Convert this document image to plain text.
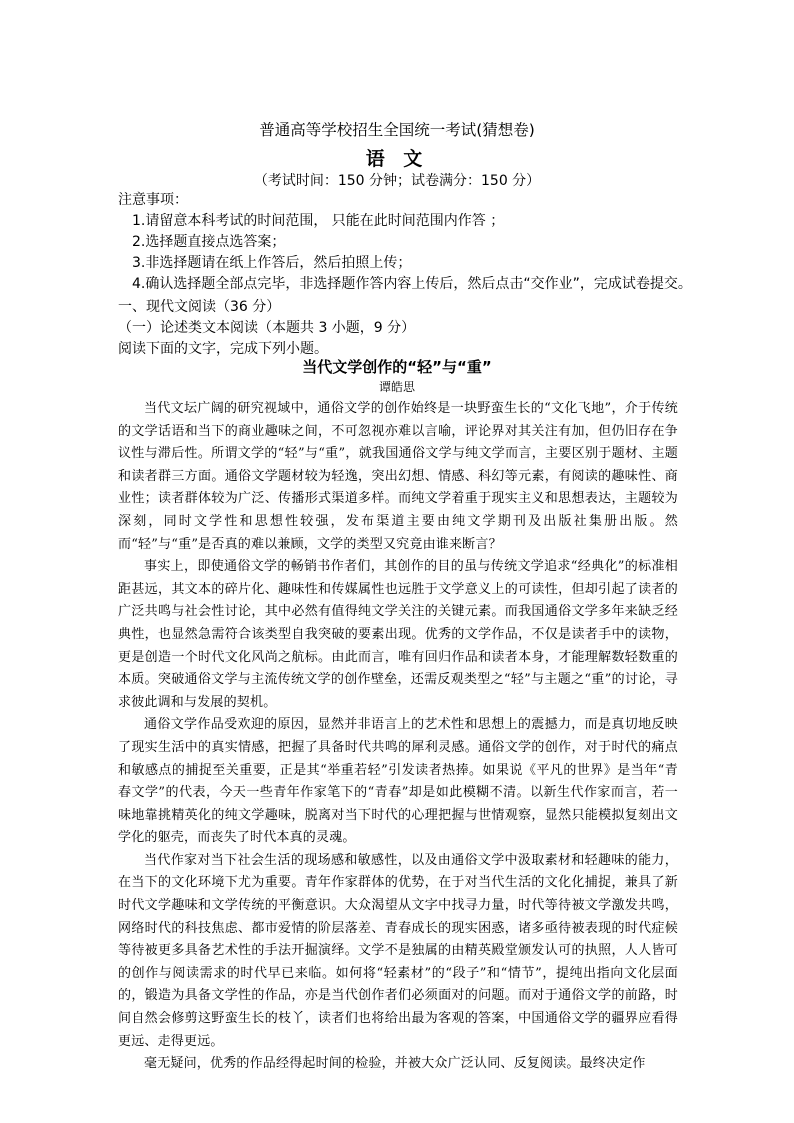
普通高等学校招生全国统一考试(猜想卷)
语 文
（考试时间：150 分钟；试卷满分：150 分）
注意事项：
1.请留意本科考试的时间范围， 只能在此时间范围内作答 ；
2.选择题直接点选答案；
3.非选择题请在纸上作答后，然后拍照上传；
4.确认选择题全部点完毕，非选择题作答内容上传后，然后点击“交作业”，完成试卷提交。
一、现代文阅读（36 分）
（一）论述类文本阅读（本题共 3 小题，9 分）
阅读下面的文字，完成下列小题。
当代文学创作的“轻”与“重”
谭皓思

当代文坛广阔的研究视域中，通俗文学的创作始终是一块野蛮生长的“文化飞地”，介于传统的文学话语和当下的商业趣味之间，不可忽视亦难以言喻，评论界对其关注有加，但仍旧存在争议性与滞后性。所谓文学的“轻”与“重”，就我国通俗文学与纯文学而言，主要区别于题材、主题和读者群三方面。通俗文学题材较为轻逸，突出幻想、情感、科幻等元素，有阅读的趣味性、商业性；读者群体较为广泛、传播形式渠道多样。而纯文学着重于现实主义和思想表达，主题较为深刻，同时文学性和思想性较强，发布渠道主要由纯文学期刊及出版社集册出版。然而“轻”与“重”是否真的难以兼顾，文学的类型又究竟由谁来断言？

事实上，即使通俗文学的畅销书作者们，其创作的目的虽与传统文学追求“经典化”的标准相距甚远，其文本的碎片化、趣味性和传媒属性也远胜于文学意义上的可读性，但却引起了读者的广泛共鸣与社会性讨论，其中必然有值得纯文学关注的关键元素。而我国通俗文学多年来缺乏经典性，也显然急需符合该类型自我突破的要素出现。优秀的文学作品，不仅是读者手中的读物，更是创造一个时代文化风尚之航标。由此而言，唯有回归作品和读者本身，才能理解数轻数重的本质。突破通俗文学与主流传统文学的创作壁垒，还需反观类型之“轻”与主题之“重”的讨论，寻求彼此调和与发展的契机。

通俗文学作品受欢迎的原因，显然并非语言上的艺术性和思想上的震撼力，而是真切地反映了现实生活中的真实情感，把握了具备时代共鸣的犀利灵感。通俗文学的创作，对于时代的痛点和敏感点的捕捉至关重要，正是其“举重若轻”引发读者热捧。如果说《平凡的世界》是当年“青春文学”的代表，今天一些青年作家笔下的“青春”却是如此模糊不清。以新生代作家而言，若一味地靠挑精英化的纯文学趣味，脱离对当下时代的心理把握与世情观察，显然只能模拟复刻出文学化的躯壳，而丧失了时代本真的灵魂。

当代作家对当下社会生活的现场感和敏感性，以及由通俗文学中汲取素材和轻趣味的能力，在当下的文化环境下尤为重要。青年作家群体的优势，在于对当代生活的文化化捕捉，兼具了新时代文学趣味和文学传统的平衡意识。大众渴望从文字中找寻力量，时代等待被文学激发共鸣，网络时代的科技焦虑、都市爱情的阶层落差、青春成长的现实困惑，诸多亟待被表现的时代症候等待被更多具备艺术性的手法开掘演绎。文学不是独属的由精英殿堂颁发认可的执照，人人皆可的创作与阅读需求的时代早已来临。如何将“轻素材”的“段子”和“情节”，提纯出指向文化层面的，锻造为具备文学性的作品，亦是当代创作者们必须面对的问题。而对于通俗文学的前路，时间自然会修剪这野蛮生长的枝丫，读者们也将给出最为客观的答案，中国通俗文学的疆界应看得更远、走得更远。

毫无疑问，优秀的作品经得起时间的检验，并被大众广泛认同、反复阅读。最终决定作
